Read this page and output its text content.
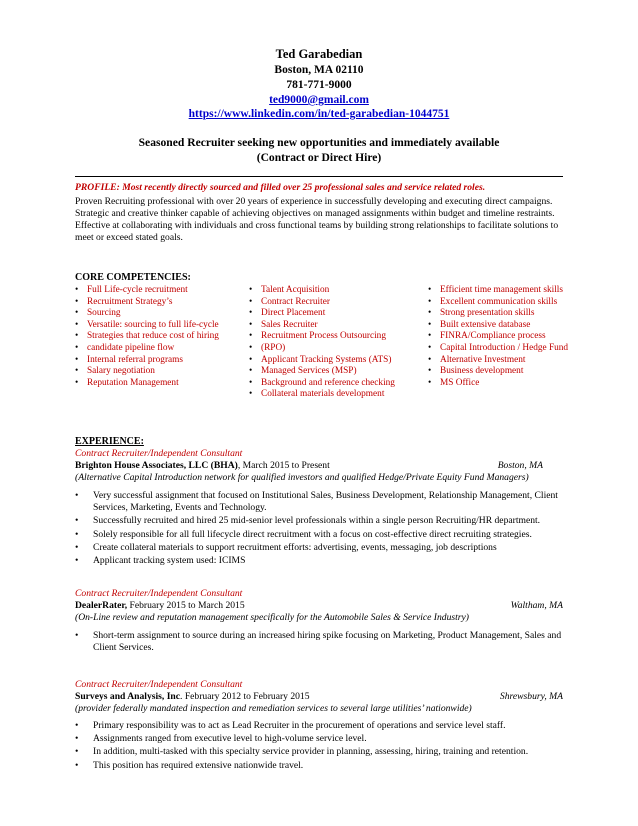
Ted Garabedian
Boston, MA 02110
781-771-9000
ted9000@gmail.com
https://www.linkedin.com/in/ted-garabedian-1044751
Seasoned Recruiter seeking new opportunities and immediately available
(Contract or Direct Hire)
PROFILE: Most recently directly sourced and filled over 25 professional sales and service related roles.
Proven Recruiting professional with over 20 years of experience in successfully developing and executing direct campaigns. Strategic and creative thinker capable of achieving objectives on managed assignments within budget and timeline restraints.
Effective at collaborating with individuals and cross functional teams by building strong relationships to facilitate solutions to meet or exceed stated goals.
CORE COMPETENCIES:
• Full Life-cycle recruitment
• Recruitment Strategy’s
• Sourcing
• Versatile: sourcing to full life-cycle
• Strategies that reduce cost of hiring
• candidate pipeline flow
• Internal referral programs
• Salary negotiation
• Reputation Management
• Talent Acquisition
• Contract Recruiter
• Direct Placement
• Sales Recruiter
• Recruitment Process Outsourcing
• (RPO)
• Applicant Tracking Systems (ATS)
• Managed Services (MSP)
• Background and reference checking
• Collateral materials development
• Efficient time management skills
• Excellent communication skills
• Strong presentation skills
• Built extensive database
• FINRA/Compliance process
• Capital Introduction / Hedge Fund
• Alternative Investment
• Business development
• MS Office
EXPERIENCE:
Contract Recruiter/Independent Consultant
Brighton House Associates, LLC (BHA), March 2015 to Present	Boston, MA
(Alternative Capital Introduction network for qualified investors and qualified Hedge/Private Equity Fund Managers)
• Very successful assignment that focused on Institutional Sales, Business Development, Relationship Management, Client Services, Marketing, Events and Technology.
• Successfully recruited and hired 25 mid-senior level professionals within a single person Recruiting/HR department.
• Solely responsible for all full lifecycle direct recruitment with a focus on cost-effective direct recruiting strategies.
• Create collateral materials to support recruitment efforts: advertising, events, messaging, job descriptions
• Applicant tracking system used: ICIMS
Contract Recruiter/Independent Consultant
DealerRater, February 2015 to March 2015	Waltham, MA
(On-Line review and reputation management specifically for the Automobile Sales & Service Industry)
• Short-term assignment to source during an increased hiring spike focusing on Marketing, Product Management, Sales and Client Services.
Contract Recruiter/Independent Consultant
Surveys and Analysis, Inc. February 2012 to February 2015	Shrewsbury, MA
(provider federally mandated inspection and remediation services to several large utilities’ nationwide)
• Primary responsibility was to act as Lead Recruiter in the procurement of operations and service level staff.
• Assignments ranged from executive level to high-volume service level.
• In addition, multi-tasked with this specialty service provider in planning, assessing, hiring, training and retention.
• This position has required extensive nationwide travel.
